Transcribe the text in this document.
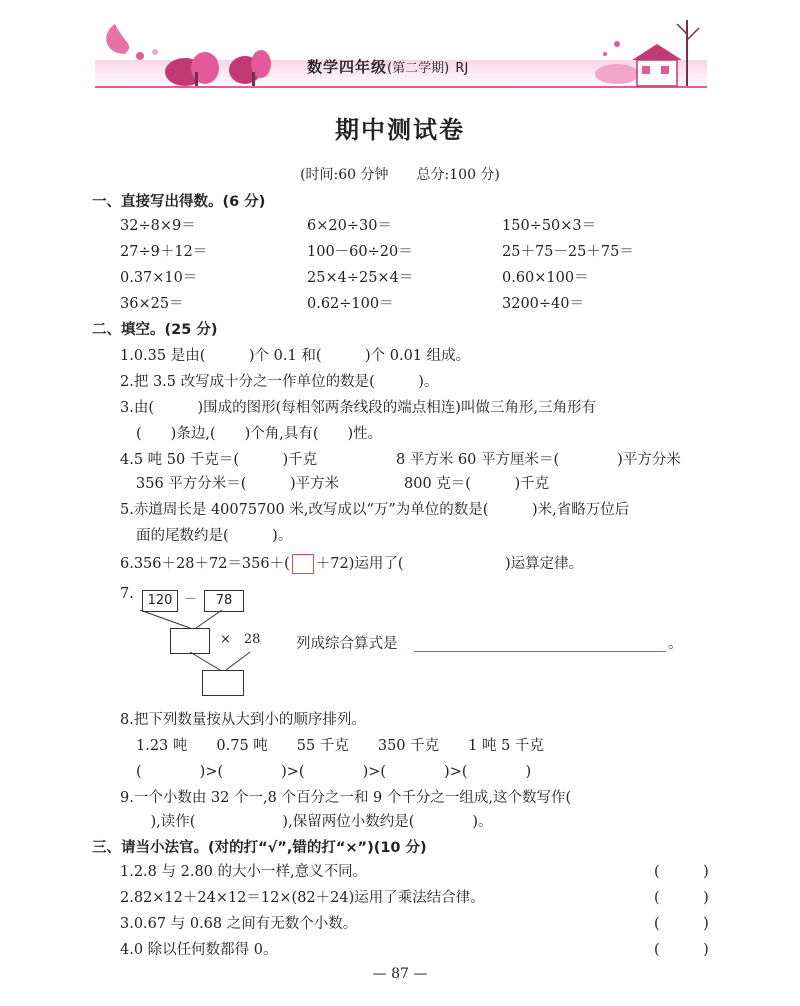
数学四年级(第二学期) RJ
期中测试卷
(时间:60 分钟　　总分:100 分)
一、直接写出得数。(6 分)
32÷8×9＝	6×20÷30＝	150÷50×3＝
27÷9＋12＝	100－60÷20＝	25＋75－25＋75＝
0.37×10＝	25×4÷25×4＝	0.60×100＝
36×25＝	0.62÷100＝	3200÷40＝
二、填空。(25 分)
1.0.35 是由(　　　)个 0.1 和(　　　)个 0.01 组成。
2.把 3.5 改写成十分之一作单位的数是(　　　)。
3.由(　　　)围成的图形(每相邻两条线段的端点相连)叫做三角形,三角形有
(　　)条边,(　　)个角,具有(　　)性。
4.5 吨 50 千克＝(　　　)千克	8 平方米 60 平方厘米＝(　　　　)平方分米
356 平方分米＝(　　　)平方米	800 克＝(　　　)千克
5.赤道周长是 40075700 米,改写成以“万”为单位的数是(　　　)米,省略万位后
面的尾数约是(　　　)。
6.356＋28＋72＝356＋( ＋72)运用了(　　　　　　　)运算定律。
7.	120 －	78
×　28 列成综合算式是	。
8.把下列数量按从大到小的顺序排列。
1.23 吨　　0.75 吨　　55 千克　　350 千克　　1 吨 5 千克
(　　　　)>(　　　　)>(　　　　)>(　　　　)>(　　　　)
9.一个小数由 32 个一,8 个百分之一和 9 个千分之一组成,这个数写作(
　),读作(　　　　　　),保留两位小数约是(　　　　)。
三、请当小法官。(对的打“√”,错的打“×”)(10 分)
1.2.8 与 2.80 的大小一样,意义不同。	(　　　)
2.82×12＋24×12＝12×(82＋24)运用了乘法结合律。	(　　　)
3.0.67 与 0.68 之间有无数个小数。	(　　　)
4.0 除以任何数都得 0。	(　　　)
— 87 —
